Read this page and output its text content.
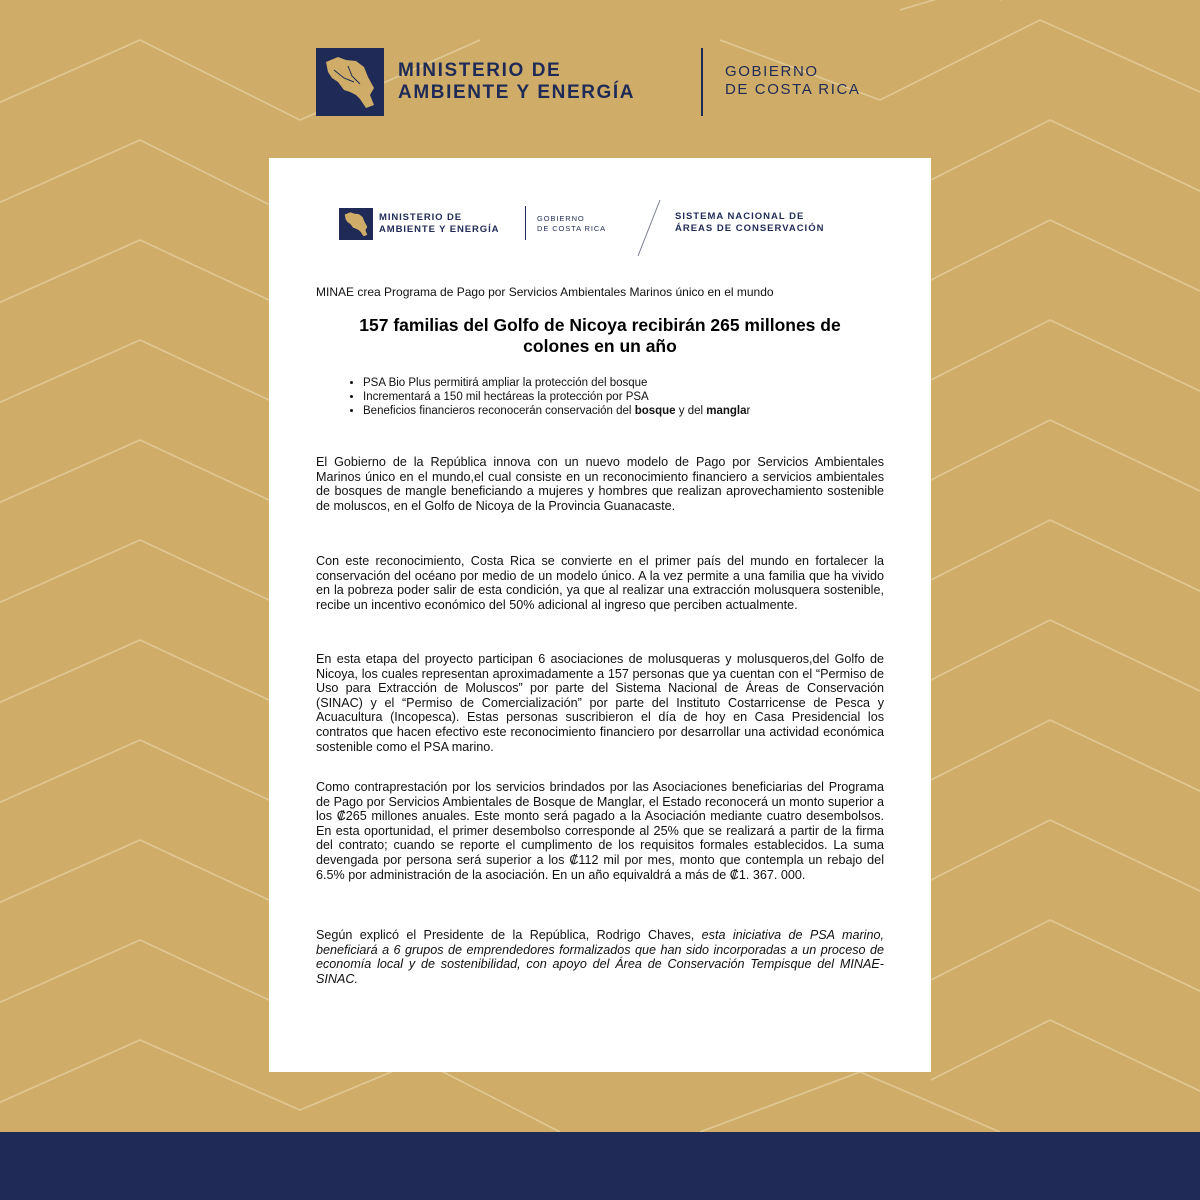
MINISTERIO DE
AMBIENTE Y ENERGÍA
GOBIERNO
DE COSTA RICA
MINISTERIO DE
AMBIENTE Y ENERGÍA
GOBIERNO
DE COSTA RICA
SISTEMA NACIONAL DE
ÁREAS DE CONSERVACIÓN
MINAE crea Programa de Pago por Servicios Ambientales Marinos único en el mundo
157 familias del Golfo de Nicoya recibirán 265 millones de
colones en un año
• PSA Bio Plus permitirá ampliar la protección del bosque
• Incrementará a 150 mil hectáreas la protección por PSA
• Beneficios financieros reconocerán conservación del bosque y del manglar

El Gobierno de la República innova con un nuevo modelo de Pago por Servicios Ambientales Marinos único en el mundo,el cual consiste en un reconocimiento financiero a servicios ambientales de bosques de mangle beneficiando a mujeres y hombres que realizan aprovechamiento sostenible de moluscos, en el Golfo de Nicoya de la Provincia Guanacaste.

Con este reconocimiento, Costa Rica se convierte en el primer país del mundo en fortalecer la conservación del océano por medio de un modelo único. A la vez permite a una familia que ha vivido en la pobreza poder salir de esta condición, ya que al realizar una extracción molusquera sostenible, recibe un incentivo económico del 50% adicional al ingreso que perciben actualmente.

En esta etapa del proyecto participan 6 asociaciones de molusqueras y molusqueros,del Golfo de Nicoya, los cuales representan aproximadamente a 157 personas que ya cuentan con el “Permiso de Uso para Extracción de Moluscos” por parte del Sistema Nacional de Áreas de Conservación (SINAC) y el “Permiso de Comercialización” por parte del Instituto Costarricense de Pesca y Acuacultura (Incopesca). Estas personas suscribieron el día de hoy en Casa Presidencial los contratos que hacen efectivo este reconocimiento financiero por desarrollar una actividad económica sostenible como el PSA marino.

Como contraprestación por los servicios brindados por las Asociaciones beneficiarias del Programa de Pago por Servicios Ambientales de Bosque de Manglar, el Estado reconocerá un monto superior a los ₡265 millones anuales. Este monto será pagado a la Asociación mediante cuatro desembolsos. En esta oportunidad, el primer desembolso corresponde al 25% que se realizará a partir de la firma del contrato; cuando se reporte el cumplimento de los requisitos formales establecidos. La suma devengada por persona será superior a los ₡112 mil por mes, monto que contempla un rebajo del 6.5% por administración de la asociación. En un año equivaldrá a más de ₡1. 367. 000.

Según explicó el Presidente de la República, Rodrigo Chaves, esta iniciativa de PSA marino, beneficiará a 6 grupos de emprendedores formalizados que han sido incorporadas a un proceso de economía local y de sostenibilidad, con apoyo del Área de Conservación Tempisque del MINAE-SINAC.
